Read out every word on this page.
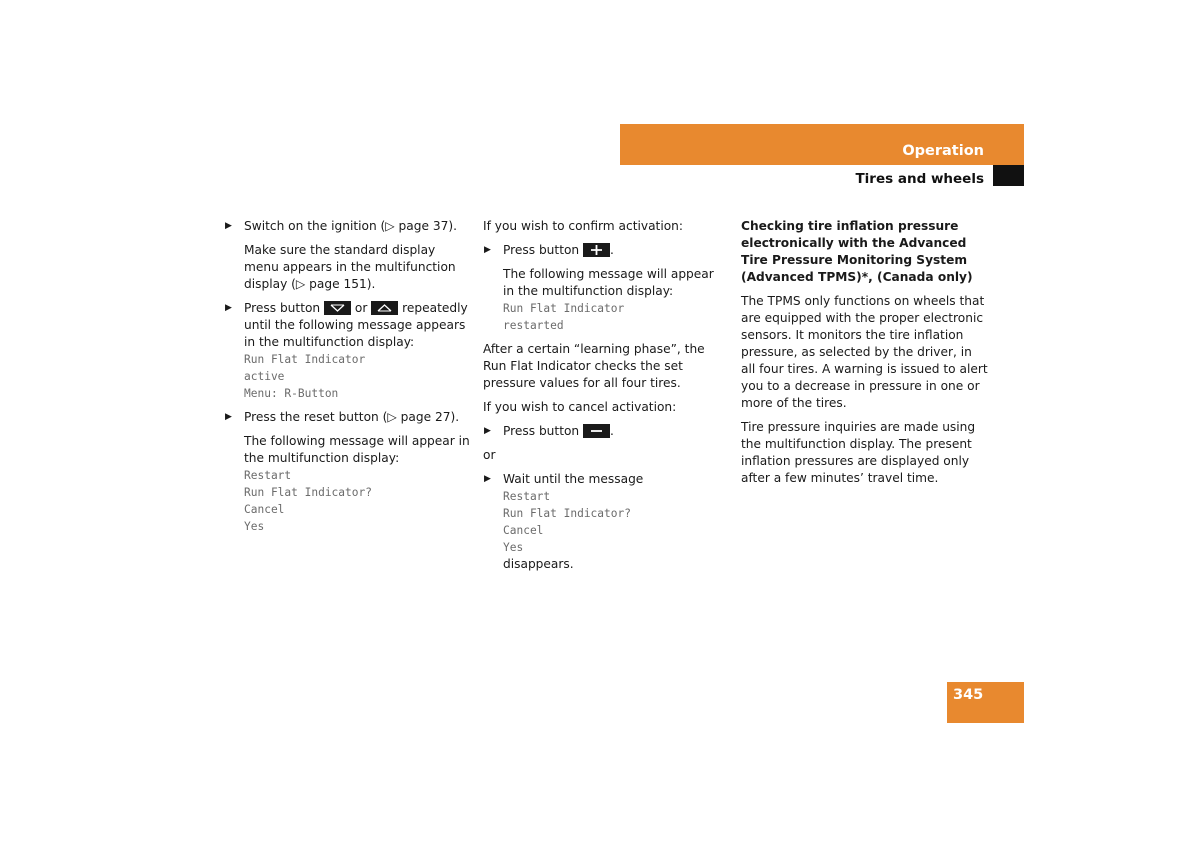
Operation
Tires and wheels
▶ Switch on the ignition (▷ page 37).

Make sure the standard display menu appears in the multifunction display (▷ page 151).

▶ Press button	or	repeatedly until the following message appears in the multifunction display:
Run Flat Indicator
active
Menu: R-Button
▶ Press the reset button (▷ page 27).

The following message will appear in the multifunction display:
Restart
Run Flat Indicator?
Cancel
Yes

If you wish to confirm activation:

▶ Press button	.

The following message will appear in the multifunction display:
Run Flat Indicator
restarted

After a certain “learning phase”, the Run Flat Indicator checks the set pressure values for all four tires.

If you wish to cancel activation:

▶ Press button	.

or

▶ Wait until the message
Restart
Run Flat Indicator?
Cancel
Yes
disappears.

Checking tire inflation pressure electronically with the Advanced Tire Pressure Monitoring System (Advanced TPMS)*, (Canada only)

The TPMS only functions on wheels that are equipped with the proper electronic sensors. It monitors the tire inflation pressure, as selected by the driver, in all four tires. A warning is issued to alert you to a decrease in pressure in one or more of the tires.

Tire pressure inquiries are made using the multifunction display. The present inflation pressures are displayed only after a few minutes’ travel time.

345
